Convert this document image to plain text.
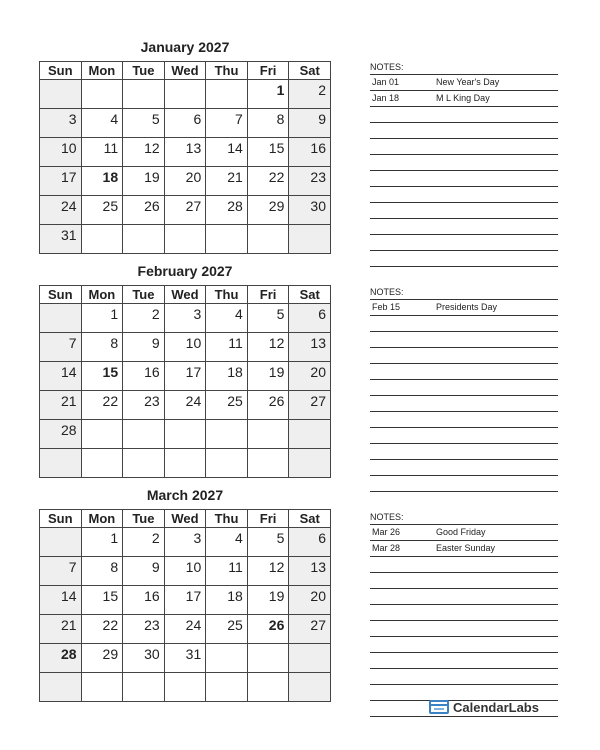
January 2027
Sun	Mon	Tue	Wed	Thu	Fri	Sat
					1	2
3	4	5	6	7	8	9
10	11	12	13	14	15	16
17	18	19	20	21	22	23
24	25	26	27	28	29	30
31						
NOTES:
Jan 01	New Year's Day
Jan 18	M L King Day
February 2027
Sun	Mon	Tue	Wed	Thu	Fri	Sat
	1	2	3	4	5	6
7	8	9	10	11	12	13
14	15	16	17	18	19	20
21	22	23	24	25	26	27
28						

NOTES:
Feb 15	Presidents Day
March 2027
Sun	Mon	Tue	Wed	Thu	Fri	Sat
	1	2	3	4	5	6
7	8	9	10	11	12	13
14	15	16	17	18	19	20
21	22	23	24	25	26	27
28	29	30	31			

NOTES:
Mar 26	Good Friday
Mar 28	Easter Sunday
CalendarLabs
